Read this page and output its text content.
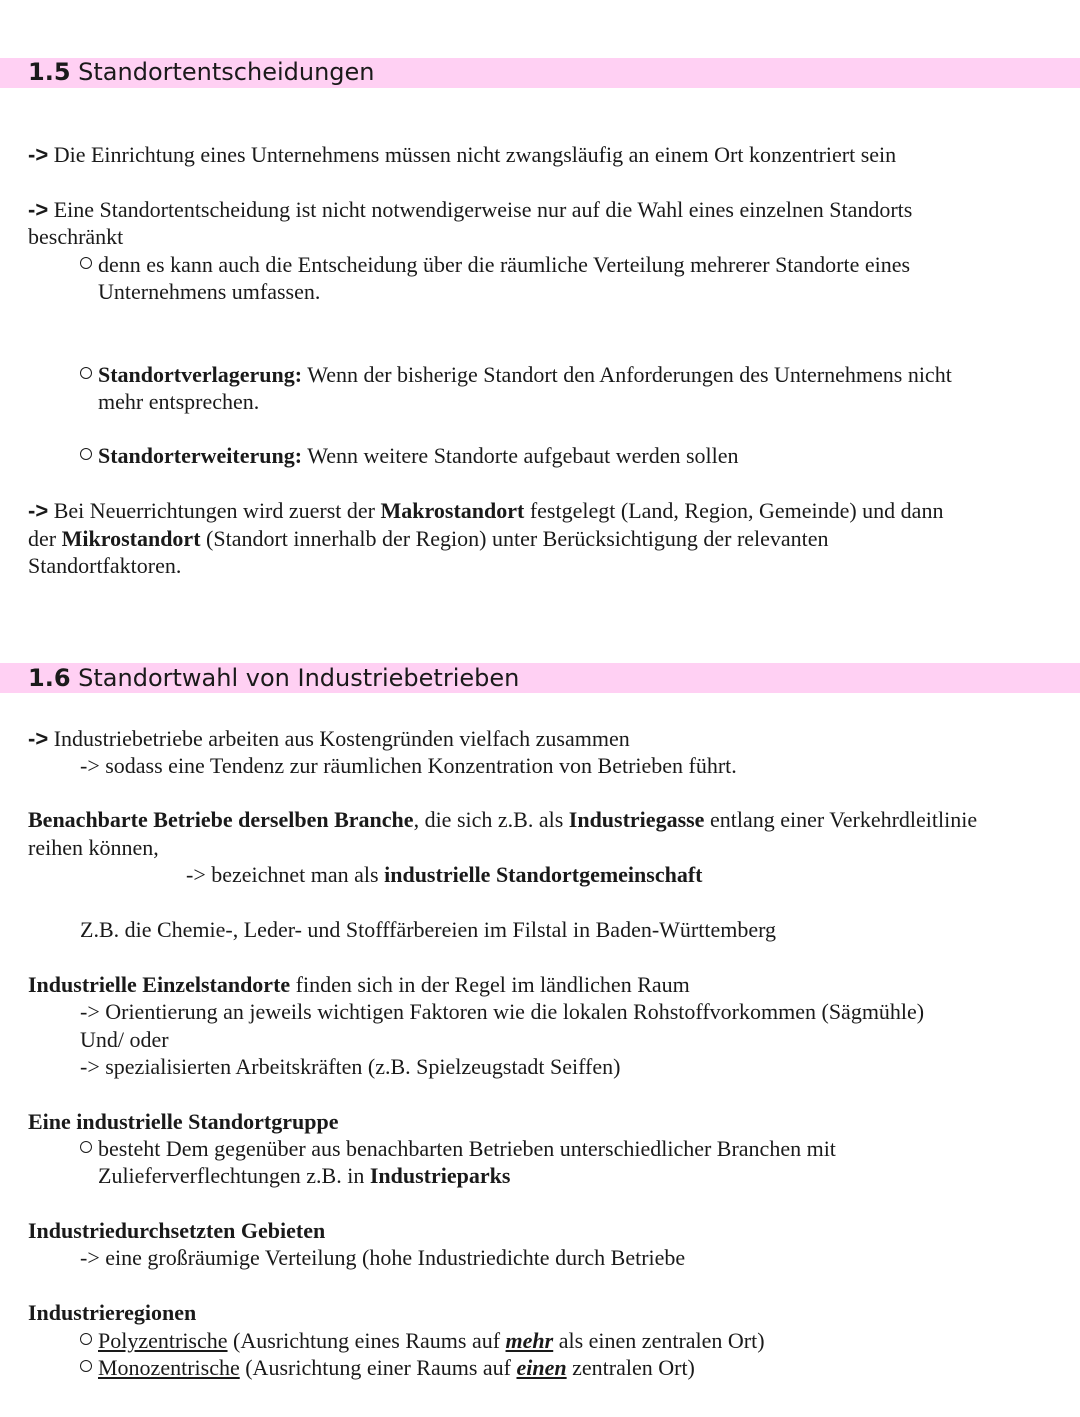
1.5 Standortentscheidungen
-> Die Einrichtung eines Unternehmens müssen nicht zwangsläufig an einem Ort konzentriert sein
-> Eine Standortentscheidung ist nicht notwendigerweise nur auf die Wahl eines einzelnen Standorts
beschränkt
denn es kann auch die Entscheidung über die räumliche Verteilung mehrerer Standorte eines
Unternehmens umfassen.
Standortverlagerung: Wenn der bisherige Standort den Anforderungen des Unternehmens nicht
mehr entsprechen.
Standorterweiterung: Wenn weitere Standorte aufgebaut werden sollen
-> Bei Neuerrichtungen wird zuerst der Makrostandort festgelegt (Land, Region, Gemeinde) und dann
der Mikrostandort (Standort innerhalb der Region) unter Berücksichtigung der relevanten
Standortfaktoren.
1.6 Standortwahl von Industriebetrieben
-> Industriebetriebe arbeiten aus Kostengründen vielfach zusammen
-> sodass eine Tendenz zur räumlichen Konzentration von Betrieben führt.
Benachbarte Betriebe derselben Branche, die sich z.B. als Industriegasse entlang einer Verkehrdleitlinie
reihen können,
-> bezeichnet man als industrielle Standortgemeinschaft
Z.B. die Chemie-, Leder- und Stofffärbereien im Filstal in Baden-Württemberg
Industrielle Einzelstandorte finden sich in der Regel im ländlichen Raum
-> Orientierung an jeweils wichtigen Faktoren wie die lokalen Rohstoffvorkommen (Sägmühle)
Und/ oder
-> spezialisierten Arbeitskräften (z.B. Spielzeugstadt Seiffen)
Eine industrielle Standortgruppe
besteht Dem gegenüber aus benachbarten Betrieben unterschiedlicher Branchen mit
Zulieferverflechtungen z.B. in Industrieparks
Industriedurchsetzten Gebieten
-> eine großräumige Verteilung (hohe Industriedichte durch Betriebe
Industrieregionen
Polyzentrische (Ausrichtung eines Raums auf mehr als einen zentralen Ort)
Monozentrische (Ausrichtung einer Raums auf einen zentralen Ort)
